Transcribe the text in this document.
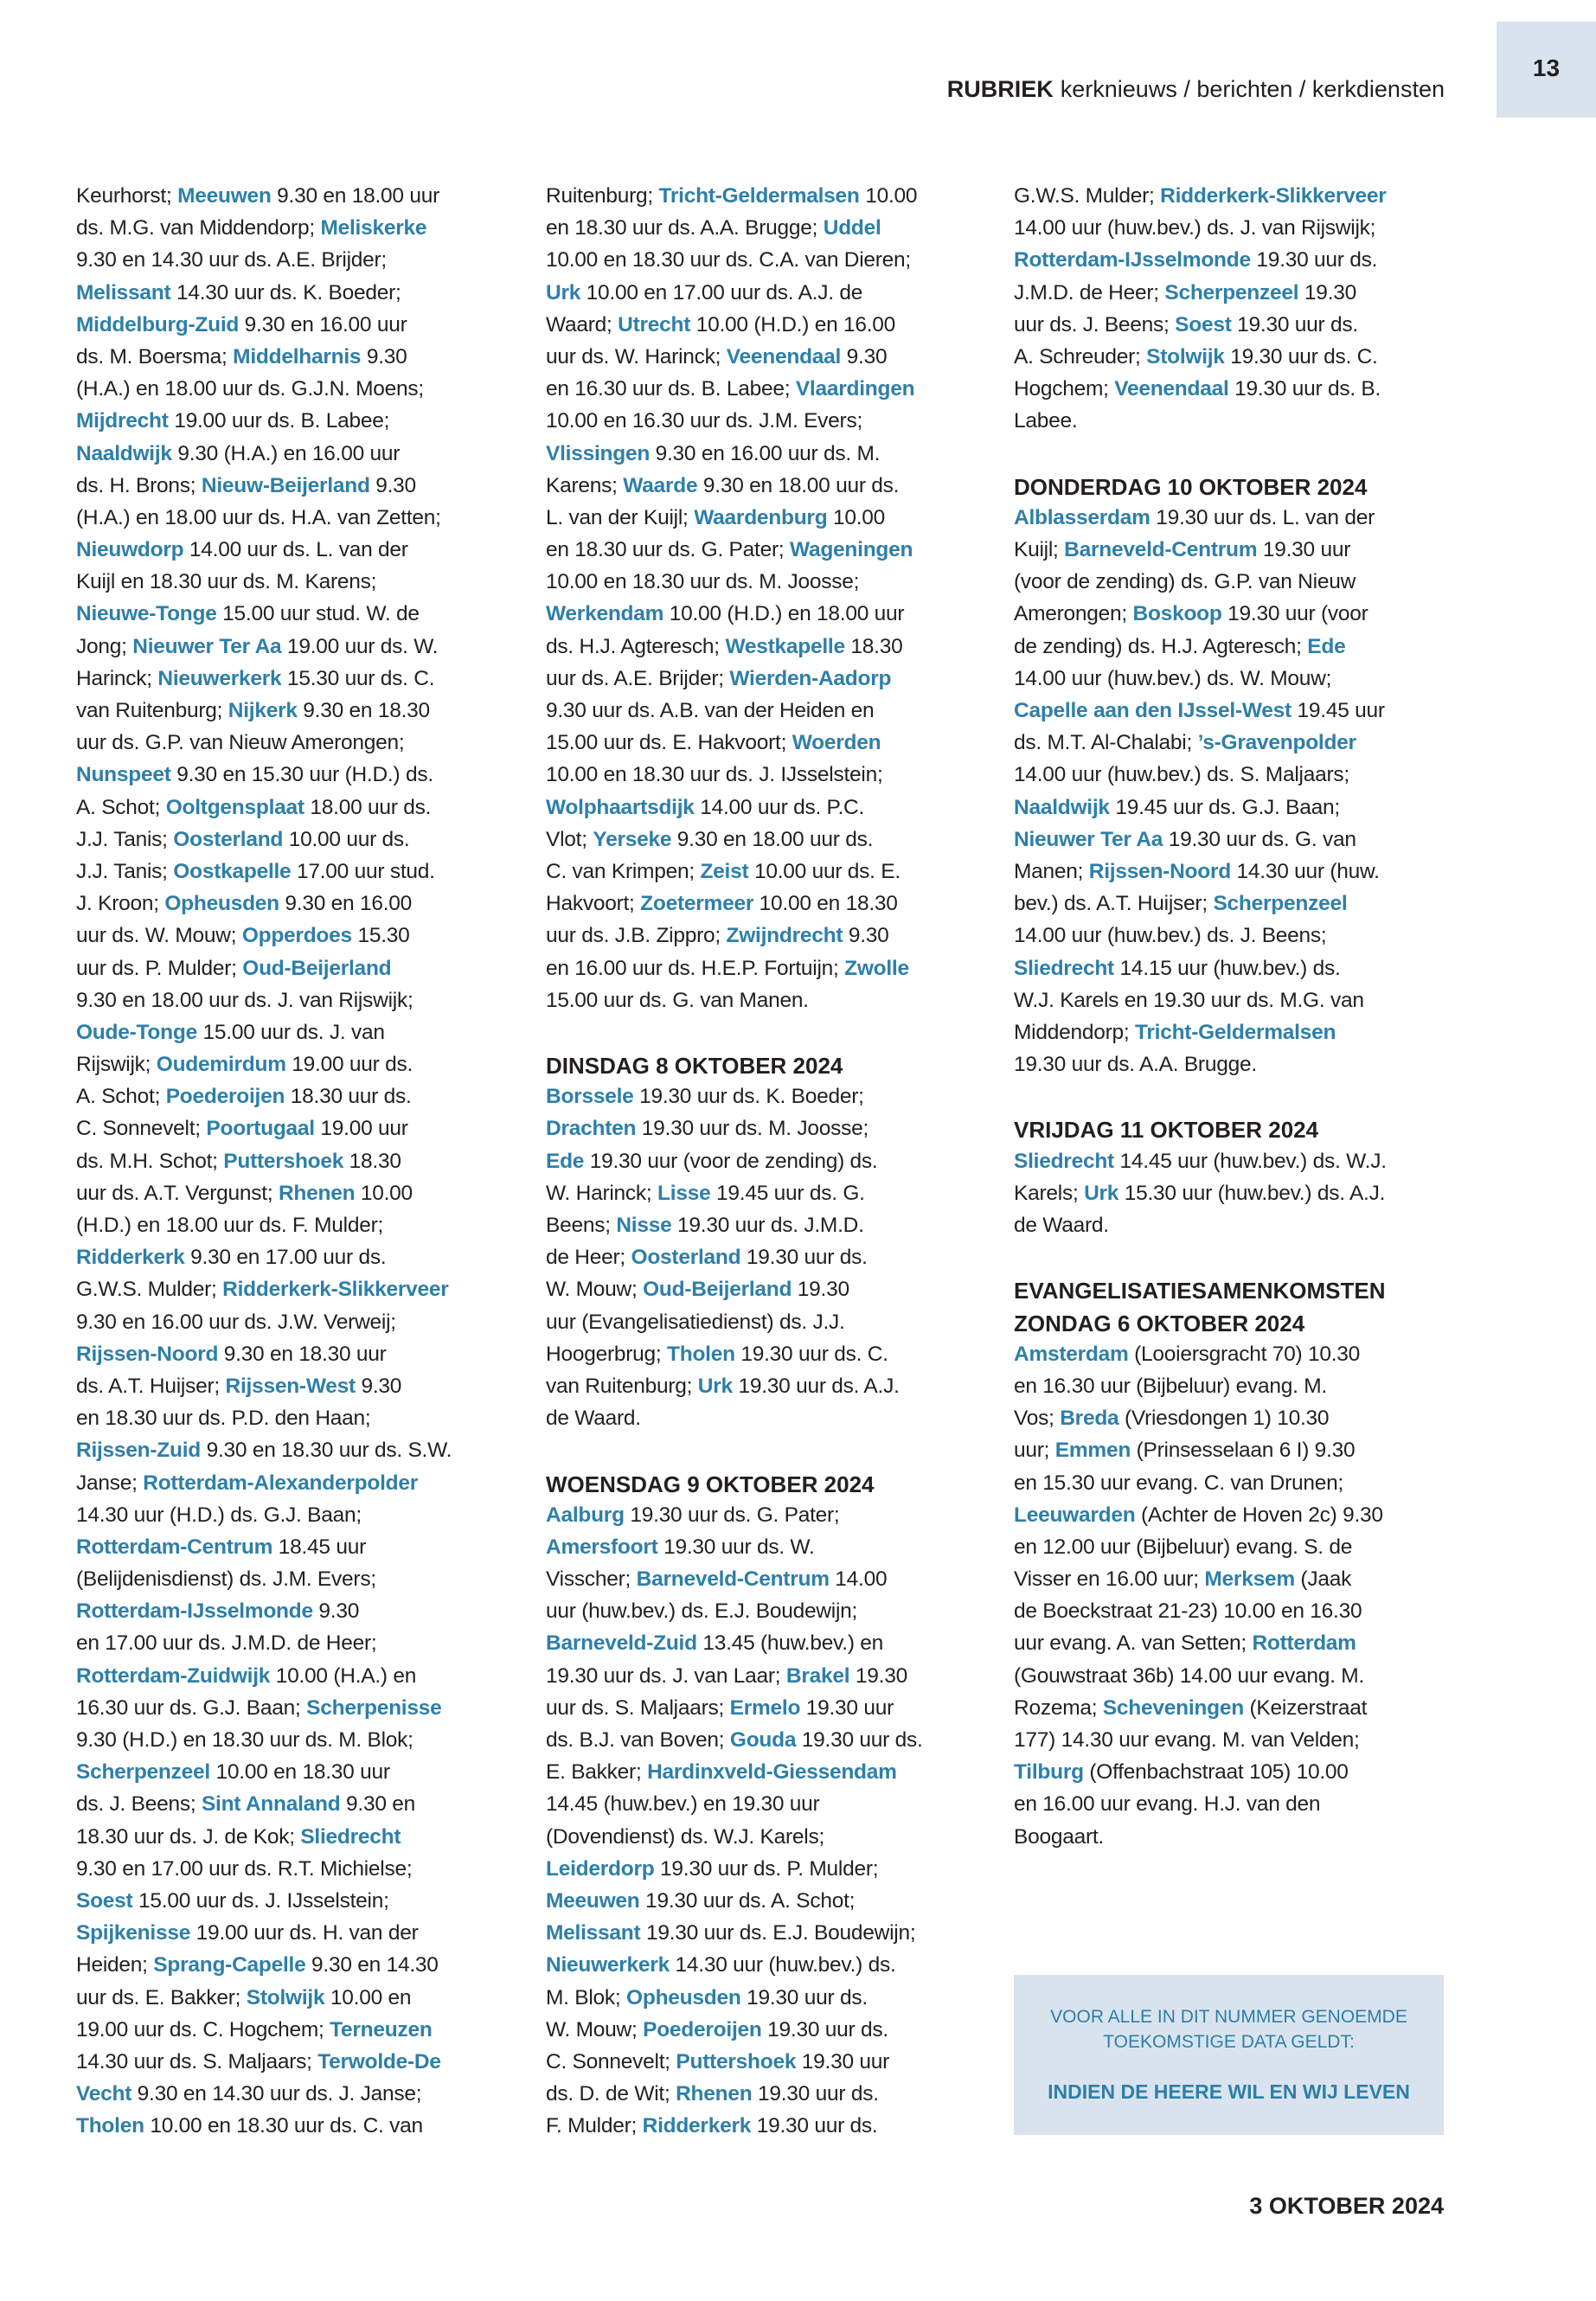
RUBRIEK kerknieuws / berichten / kerkdiensten
13
Keurhorst; Meeuwen 9.30 en 18.00 uur
ds. M.G. van Middendorp; Meliskerke
9.30 en 14.30 uur ds. A.E. Brijder;
Melissant 14.30 uur ds. K. Boeder;
Middelburg-Zuid 9.30 en 16.00 uur
ds. M. Boersma; Middelharnis 9.30
(H.A.) en 18.00 uur ds. G.J.N. Moens;
Mijdrecht 19.00 uur ds. B. Labee;
Naaldwijk 9.30 (H.A.) en 16.00 uur
ds. H. Brons; Nieuw-Beijerland 9.30
(H.A.) en 18.00 uur ds. H.A. van Zetten;
Nieuwdorp 14.00 uur ds. L. van der
Kuijl en 18.30 uur ds. M. Karens;
Nieuwe-Tonge 15.00 uur stud. W. de
Jong; Nieuwer Ter Aa 19.00 uur ds. W.
Harinck; Nieuwerkerk 15.30 uur ds. C.
van Ruitenburg; Nijkerk 9.30 en 18.30
uur ds. G.P. van Nieuw Amerongen;
Nunspeet 9.30 en 15.30 uur (H.D.) ds.
A. Schot; Ooltgensplaat 18.00 uur ds.
J.J. Tanis; Oosterland 10.00 uur ds.
J.J. Tanis; Oostkapelle 17.00 uur stud.
J. Kroon; Opheusden 9.30 en 16.00
uur ds. W. Mouw; Opperdoes 15.30
uur ds. P. Mulder; Oud-Beijerland
9.30 en 18.00 uur ds. J. van Rijswijk;
Oude-Tonge 15.00 uur ds. J. van
Rijswijk; Oudemirdum 19.00 uur ds.
A. Schot; Poederoijen 18.30 uur ds.
C. Sonnevelt; Poortugaal 19.00 uur
ds. M.H. Schot; Puttershoek 18.30
uur ds. A.T. Vergunst; Rhenen 10.00
(H.D.) en 18.00 uur ds. F. Mulder;
Ridderkerk 9.30 en 17.00 uur ds.
G.W.S. Mulder; Ridderkerk-Slikkerveer
9.30 en 16.00 uur ds. J.W. Verweij;
Rijssen-Noord 9.30 en 18.30 uur
ds. A.T. Huijser; Rijssen-West 9.30
en 18.30 uur ds. P.D. den Haan;
Rijssen-Zuid 9.30 en 18.30 uur ds. S.W.
Janse; Rotterdam-Alexanderpolder
14.30 uur (H.D.) ds. G.J. Baan;
Rotterdam-Centrum 18.45 uur
(Belijdenisdienst) ds. J.M. Evers;
Rotterdam-IJsselmonde 9.30
en 17.00 uur ds. J.M.D. de Heer;
Rotterdam-Zuidwijk 10.00 (H.A.) en
16.30 uur ds. G.J. Baan; Scherpenisse
9.30 (H.D.) en 18.30 uur ds. M. Blok;
Scherpenzeel 10.00 en 18.30 uur
ds. J. Beens; Sint Annaland 9.30 en
18.30 uur ds. J. de Kok; Sliedrecht
9.30 en 17.00 uur ds. R.T. Michielse;
Soest 15.00 uur ds. J. IJsselstein;
Spijkenisse 19.00 uur ds. H. van der
Heiden; Sprang-Capelle 9.30 en 14.30
uur ds. E. Bakker; Stolwijk 10.00 en
19.00 uur ds. C. Hogchem; Terneuzen
14.30 uur ds. S. Maljaars; Terwolde-De
Vecht 9.30 en 14.30 uur ds. J. Janse;
Tholen 10.00 en 18.30 uur ds. C. van
Ruitenburg; Tricht-Geldermalsen 10.00
en 18.30 uur ds. A.A. Brugge; Uddel
10.00 en 18.30 uur ds. C.A. van Dieren;
Urk 10.00 en 17.00 uur ds. A.J. de
Waard; Utrecht 10.00 (H.D.) en 16.00
uur ds. W. Harinck; Veenendaal 9.30
en 16.30 uur ds. B. Labee; Vlaardingen
10.00 en 16.30 uur ds. J.M. Evers;
Vlissingen 9.30 en 16.00 uur ds. M.
Karens; Waarde 9.30 en 18.00 uur ds.
L. van der Kuijl; Waardenburg 10.00
en 18.30 uur ds. G. Pater; Wageningen
10.00 en 18.30 uur ds. M. Joosse;
Werkendam 10.00 (H.D.) en 18.00 uur
ds. H.J. Agteresch; Westkapelle 18.30
uur ds. A.E. Brijder; Wierden-Aadorp
9.30 uur ds. A.B. van der Heiden en
15.00 uur ds. E. Hakvoort; Woerden
10.00 en 18.30 uur ds. J. IJsselstein;
Wolphaartsdijk 14.00 uur ds. P.C.
Vlot; Yerseke 9.30 en 18.00 uur ds.
C. van Krimpen; Zeist 10.00 uur ds. E.
Hakvoort; Zoetermeer 10.00 en 18.30
uur ds. J.B. Zippro; Zwijndrecht 9.30
en 16.00 uur ds. H.E.P. Fortuijn; Zwolle
15.00 uur ds. G. van Manen.
DINSDAG 8 OKTOBER 2024
Borssele 19.30 uur ds. K. Boeder;
Drachten 19.30 uur ds. M. Joosse;
Ede 19.30 uur (voor de zending) ds.
W. Harinck; Lisse 19.45 uur ds. G.
Beens; Nisse 19.30 uur ds. J.M.D.
de Heer; Oosterland 19.30 uur ds.
W. Mouw; Oud-Beijerland 19.30
uur (Evangelisatiedienst) ds. J.J.
Hoogerbrug; Tholen 19.30 uur ds. C.
van Ruitenburg; Urk 19.30 uur ds. A.J.
de Waard.
WOENSDAG 9 OKTOBER 2024
Aalburg 19.30 uur ds. G. Pater;
Amersfoort 19.30 uur ds. W.
Visscher; Barneveld-Centrum 14.00
uur (huw.bev.) ds. E.J. Boudewijn;
Barneveld-Zuid 13.45 (huw.bev.) en
19.30 uur ds. J. van Laar; Brakel 19.30
uur ds. S. Maljaars; Ermelo 19.30 uur
ds. B.J. van Boven; Gouda 19.30 uur ds.
E. Bakker; Hardinxveld-Giessendam
14.45 (huw.bev.) en 19.30 uur
(Dovendienst) ds. W.J. Karels;
Leiderdorp 19.30 uur ds. P. Mulder;
Meeuwen 19.30 uur ds. A. Schot;
Melissant 19.30 uur ds. E.J. Boudewijn;
Nieuwerkerk 14.30 uur (huw.bev.) ds.
M. Blok; Opheusden 19.30 uur ds.
W. Mouw; Poederoijen 19.30 uur ds.
C. Sonnevelt; Puttershoek 19.30 uur
ds. D. de Wit; Rhenen 19.30 uur ds.
F. Mulder; Ridderkerk 19.30 uur ds.
G.W.S. Mulder; Ridderkerk-Slikkerveer
14.00 uur (huw.bev.) ds. J. van Rijswijk;
Rotterdam-IJsselmonde 19.30 uur ds.
J.M.D. de Heer; Scherpenzeel 19.30
uur ds. J. Beens; Soest 19.30 uur ds.
A. Schreuder; Stolwijk 19.30 uur ds. C.
Hogchem; Veenendaal 19.30 uur ds. B.
Labee.
DONDERDAG 10 OKTOBER 2024
Alblasserdam 19.30 uur ds. L. van der
Kuijl; Barneveld-Centrum 19.30 uur
(voor de zending) ds. G.P. van Nieuw
Amerongen; Boskoop 19.30 uur (voor
de zending) ds. H.J. Agteresch; Ede
14.00 uur (huw.bev.) ds. W. Mouw;
Capelle aan den IJssel-West 19.45 uur
ds. M.T. Al-Chalabi; ’s-Gravenpolder
14.00 uur (huw.bev.) ds. S. Maljaars;
Naaldwijk 19.45 uur ds. G.J. Baan;
Nieuwer Ter Aa 19.30 uur ds. G. van
Manen; Rijssen-Noord 14.30 uur (huw.
bev.) ds. A.T. Huijser; Scherpenzeel
14.00 uur (huw.bev.) ds. J. Beens;
Sliedrecht 14.15 uur (huw.bev.) ds.
W.J. Karels en 19.30 uur ds. M.G. van
Middendorp; Tricht-Geldermalsen
19.30 uur ds. A.A. Brugge.
VRIJDAG 11 OKTOBER 2024
Sliedrecht 14.45 uur (huw.bev.) ds. W.J.
Karels; Urk 15.30 uur (huw.bev.) ds. A.J.
de Waard.
EVANGELISATIESAMENKOMSTEN
ZONDAG 6 OKTOBER 2024
Amsterdam (Looiersgracht 70) 10.30
en 16.30 uur (Bijbeluur) evang. M.
Vos; Breda (Vriesdongen 1) 10.30
uur; Emmen (Prinsesselaan 6 I) 9.30
en 15.30 uur evang. C. van Drunen;
Leeuwarden (Achter de Hoven 2c) 9.30
en 12.00 uur (Bijbeluur) evang. S. de
Visser en 16.00 uur; Merksem (Jaak
de Boeckstraat 21-23) 10.00 en 16.30
uur evang. A. van Setten; Rotterdam
(Gouwstraat 36b) 14.00 uur evang. M.
Rozema; Scheveningen (Keizerstraat
177) 14.30 uur evang. M. van Velden;
Tilburg (Offenbachstraat 105) 10.00
en 16.00 uur evang. H.J. van den
Boogaart.
VOOR ALLE IN DIT NUMMER GENOEMDE
TOEKOMSTIGE DATA GELDT:
INDIEN DE HEERE WIL EN WIJ LEVEN
3 OKTOBER 2024
